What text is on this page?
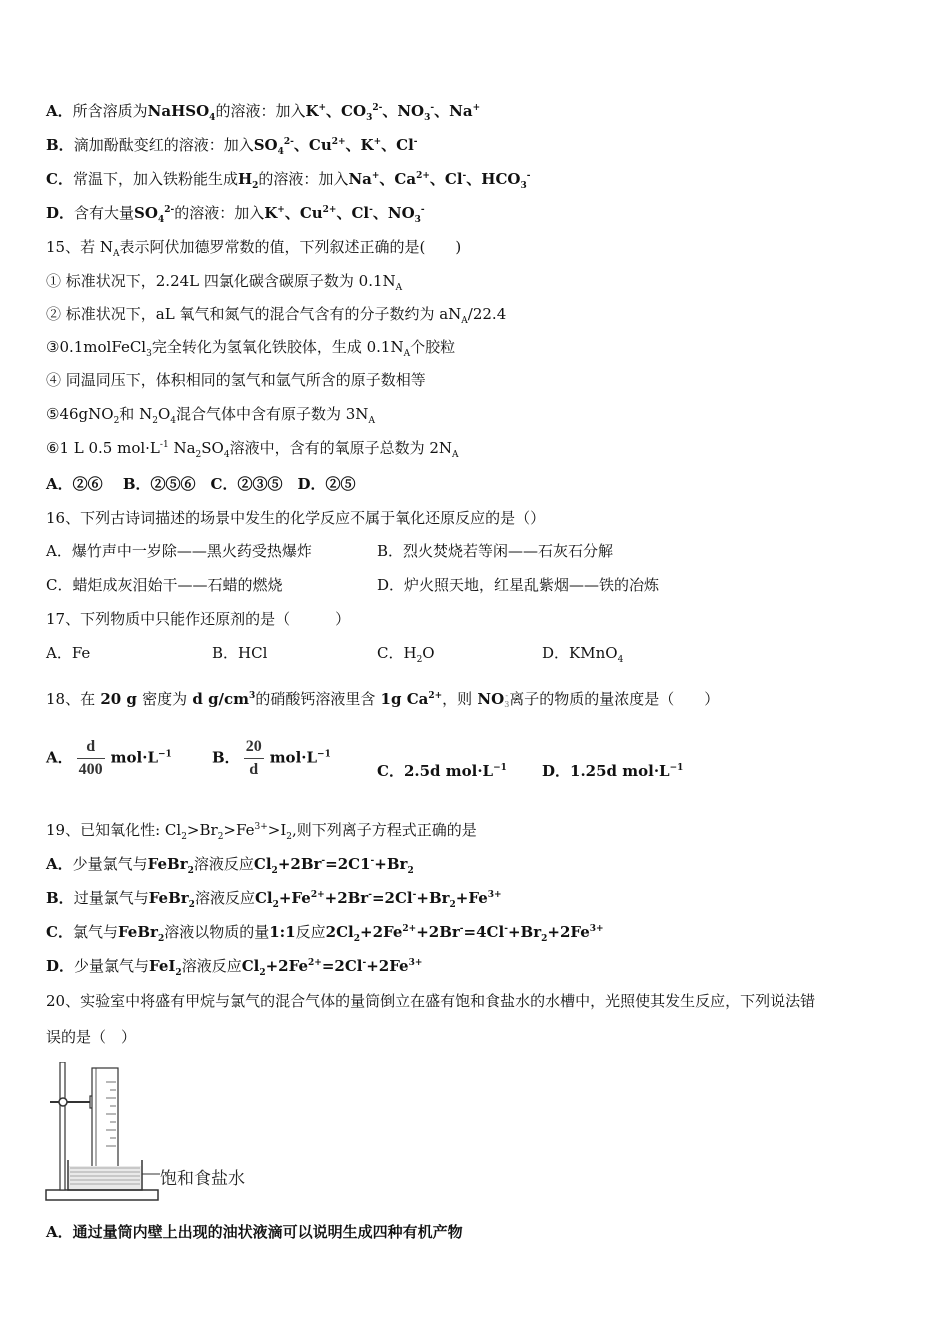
A．所含溶质为NaHSO$_4$的溶液：加入K+、$CO_3^{2-}$、$NO_3^-$、Na+
B．滴加酚酞变红的溶液：加入$SO_4^{2-}$、$Cu^{2+}$、K+、Cl-
C．常温下，加入铁粉能生成$H_2$的溶液：加入Na+、$Ca^{2+}$、Cl-、$HCO_3^-$
D．含有大量$SO_4^{2-}$的溶液：加入K+、$Cu^{2+}$、Cl-、$NO_3^-$
15、若 $N_A$表示阿伏加德罗常数的值，下列叙述正确的是(　　)
① 标准状况下，2.24L 四氯化碳含碳原子数为 $0.1N_A$
② 标准状况下，aL 氧气和氮气的混合气含有的分子数约为 $aN_A/22.4$
③0.1molFeCl$_3$完全转化为氢氧化铁胶体，生成 $0.1N_A$个胶粒
④ 同温同压下，体积相同的氢气和氩气所含的原子数相等
⑤46gNO$_2$和 $N_2O_4$混合气体中含有原子数为 $3N_A$
⑥1 L 0.5 $mol\cdot L^{-1}$ $Na_2SO_4$溶液中，含有的氧原子总数为 $2N_A$
A．②⑥　 B．②⑤⑥　C．②③⑤　D．②⑤
16、下列古诗词描述的场景中发生的化学反应不属于氧化还原反应的是（）
A．爆竹声中一岁除——黑火药受热爆炸	B．烈火焚烧若等闲——石灰石分解
C．蜡炬成灰泪始干——石蜡的燃烧	D．炉火照天地，红星乱紫烟——铁的冶炼
17、下列物质中只能作还原剂的是（　　　）
A．Fe	B．HCl	C．$H_2O$	D．KMnO$_4$
18、在 20 g 密度为 d $g/cm^3$的硝酸钙溶液里含 1g $Ca^{2+}$，则 NO -
3 离子的物质的量浓度是（　　）
A． $\frac{d}{400} mol\cdot L^{-1}$	B． $\frac{20}{d} mol\cdot L^{-1}$
C．2.5d $mol\cdot L^{-1}$ D．1.25d $mol\cdot L^{-1}$
19、已知氧化性: $Cl_2>Br_2>Fe^{3+}>I_2$,则下列离子方程式正确的是
A．少量氯气与FeBr$_2$溶液反应$Cl_2+2Br^-=2C1^-+Br_2$
B．过量氯气与FeBr$_2$溶液反应$Cl_2+Fe^{2+}+2Br^-=2Cl^-+Br_2+Fe^{3+}$
C．氯气与FeBr$_2$溶液以物质的量1:1反应$2Cl_2+2Fe^{2+}+2Br^-=4Cl^-+Br_2+2Fe^{3+}$
D．少量氯气与FeI$_2$溶液反应$Cl_2+2Fe^{2+}=2Cl^-+2Fe^{3+}$
20、实验室中将盛有甲烷与氯气的混合气体的量筒倒立在盛有饱和食盐水的水槽中，光照使其发生反应，下列说法错
误的是（　）
饱和食盐水
A．通过量筒内壁上出现的油状液滴可以说明生成四种有机产物
